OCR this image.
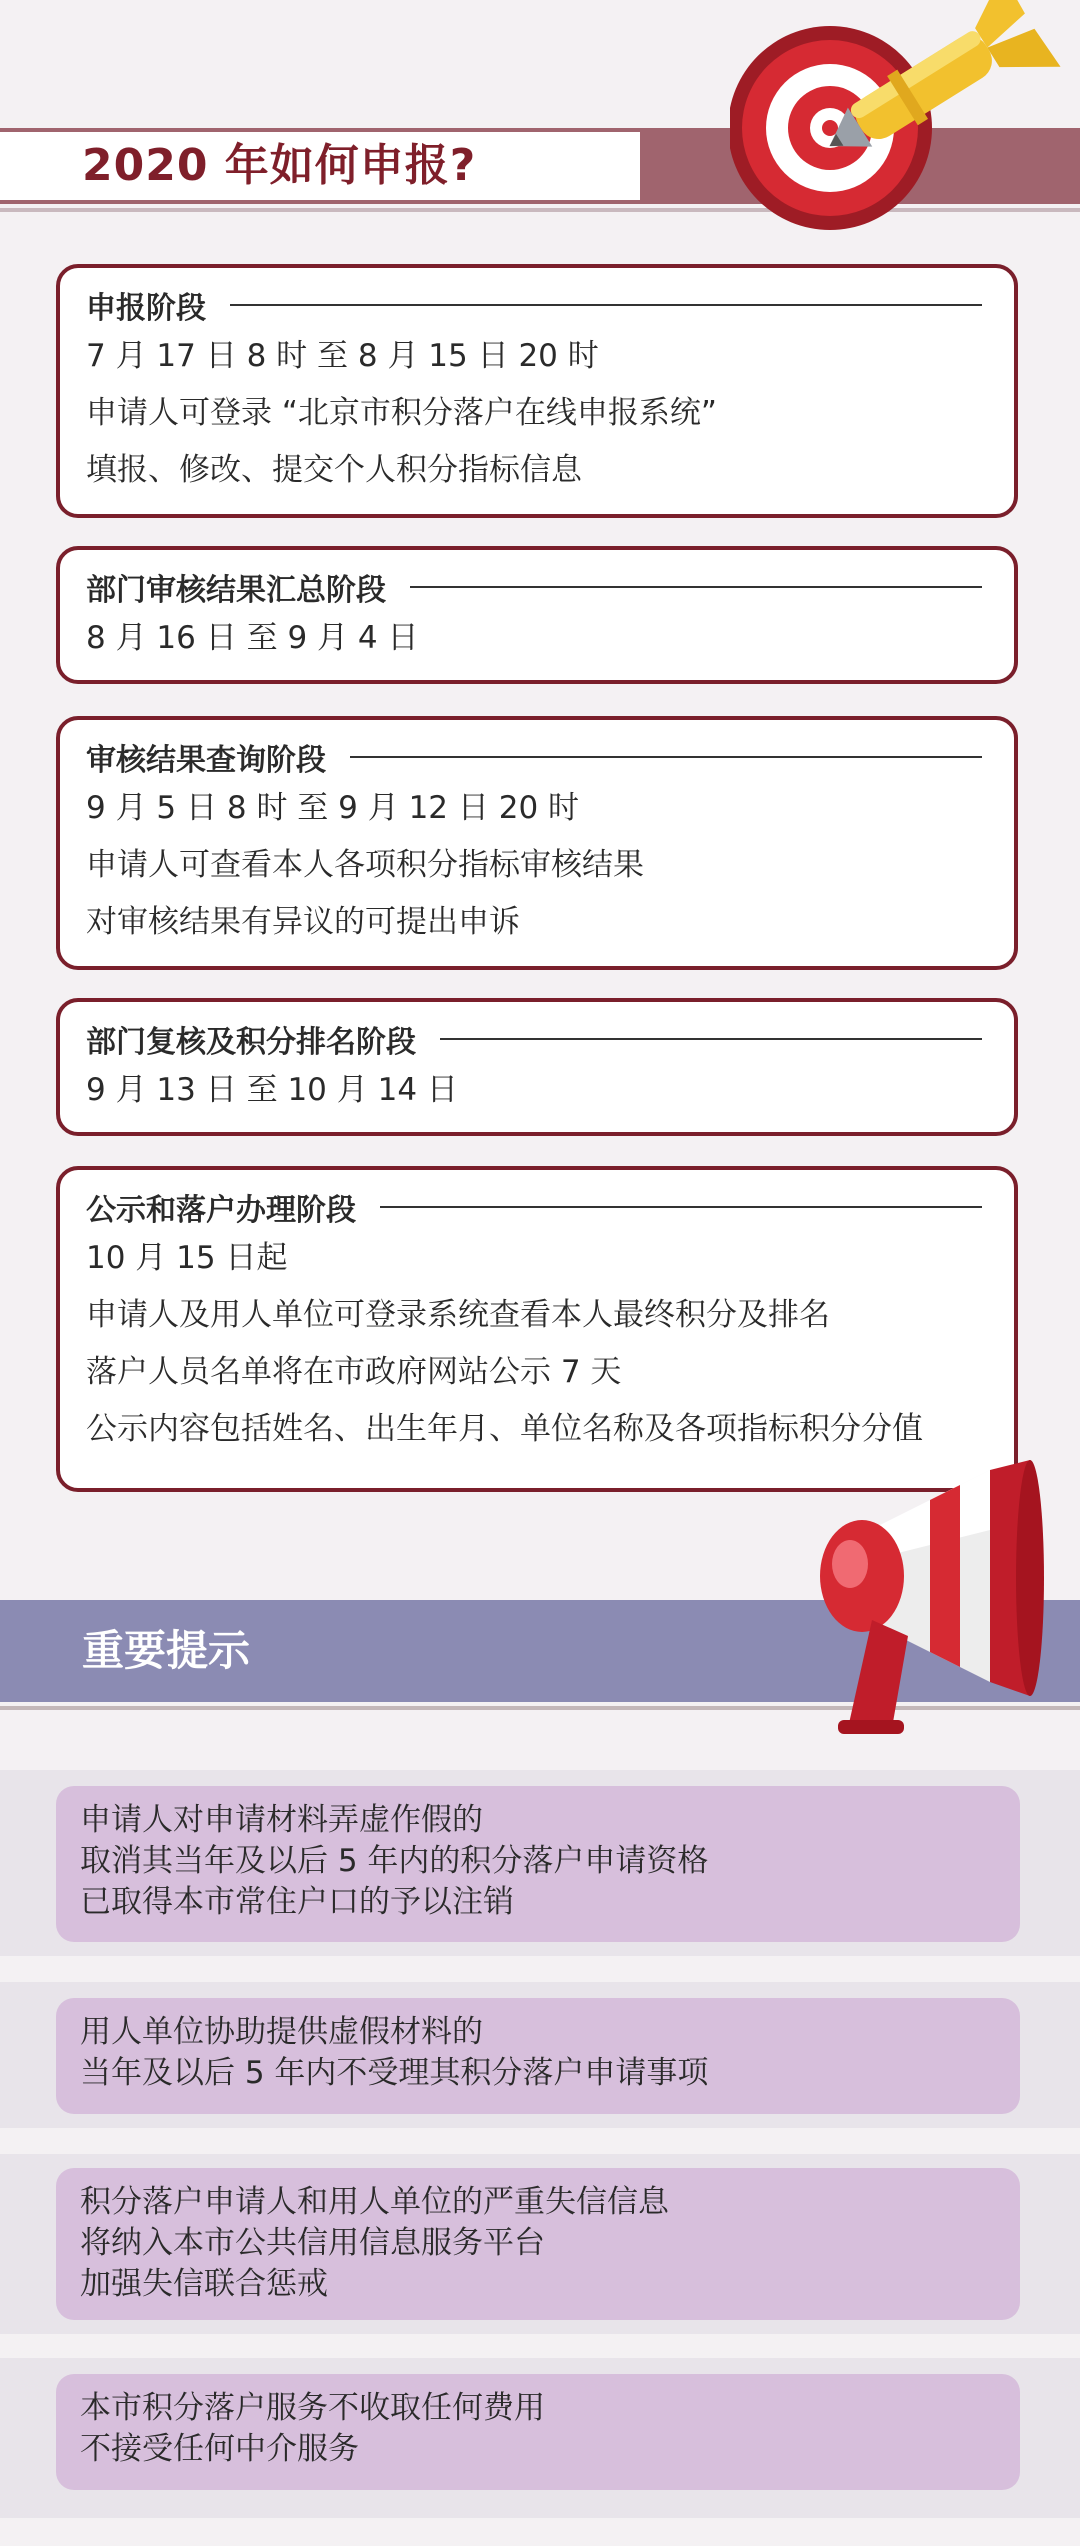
2020 年如何申报?
申报阶段
7 月 17 日 8 时 至 8 月 15 日 20 时
申请人可登录 “北京市积分落户在线申报系统”
填报、修改、提交个人积分指标信息
部门审核结果汇总阶段
8 月 16 日 至 9 月 4 日
审核结果查询阶段
9 月 5 日 8 时 至 9 月 12 日 20 时
申请人可查看本人各项积分指标审核结果
对审核结果有异议的可提出申诉
部门复核及积分排名阶段
9 月 13 日 至 10 月 14 日
公示和落户办理阶段
10 月 15 日起
申请人及用人单位可登录系统查看本人最终积分及排名
落户人员名单将在市政府网站公示 7 天
公示内容包括姓名、出生年月、单位名称及各项指标积分分值
重要提示
申请人对申请材料弄虚作假的
取消其当年及以后 5 年内的积分落户申请资格
已取得本市常住户口的予以注销
用人单位协助提供虚假材料的
当年及以后 5 年内不受理其积分落户申请事项
积分落户申请人和用人单位的严重失信信息
将纳入本市公共信用信息服务平台
加强失信联合惩戒
本市积分落户服务不收取任何费用
不接受任何中介服务
